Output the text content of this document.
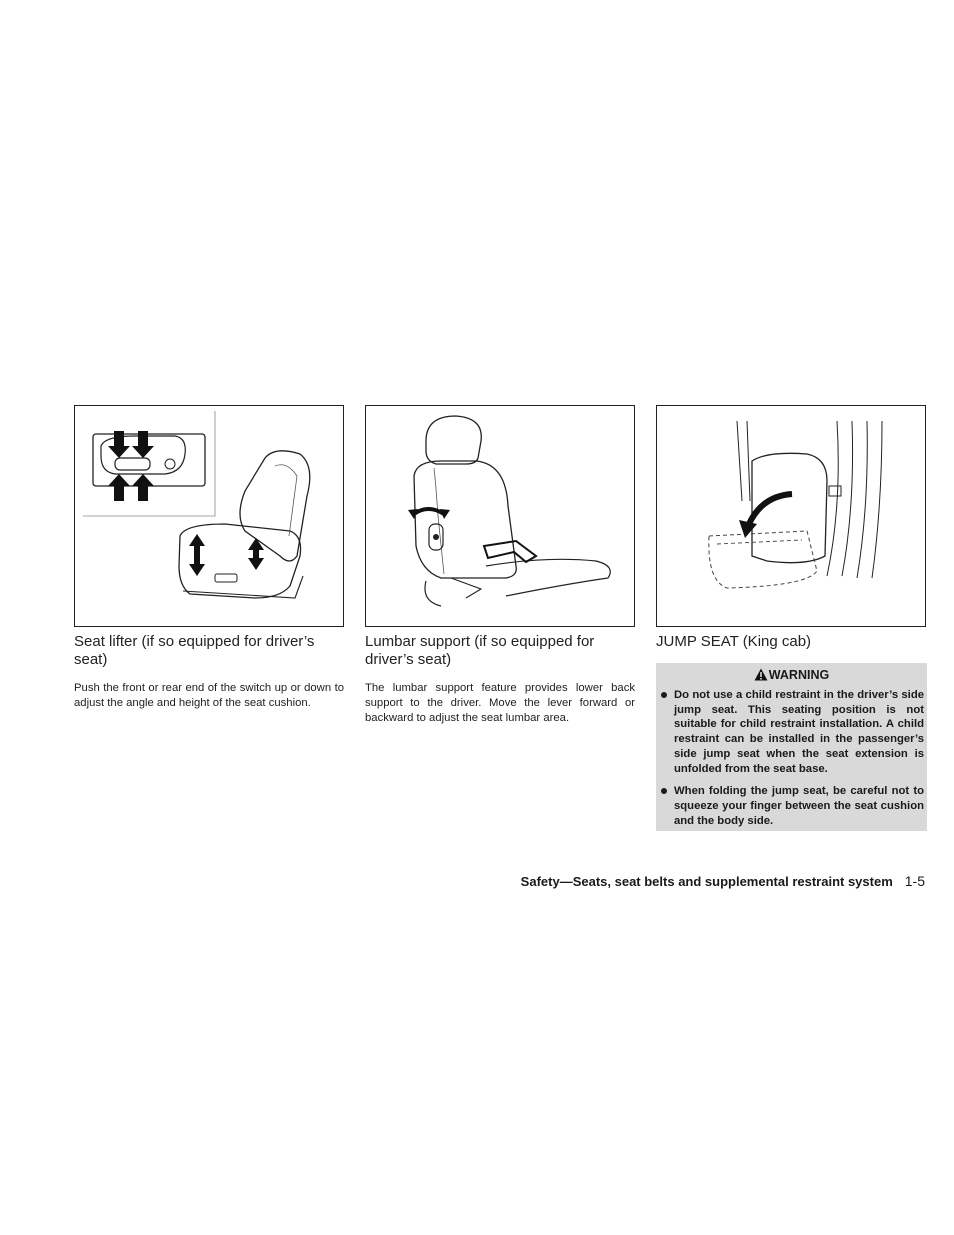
Seat lifter (if so equipped for driver’s seat)

Push the front or rear end of the switch up or down to adjust the angle and height of the seat cushion.

Lumbar support (if so equipped for driver’s seat)

The lumbar support feature provides lower back support to the driver. Move the lever forward or backward to adjust the seat lumbar area.

JUMP SEAT (King cab)
WARNING
Do not use a child restraint in the driver’s side jump seat. This seating position is not suitable for child restraint installation. A child restraint can be installed in the passenger’s side jump seat when the seat extension is unfolded from the seat base.
When folding the jump seat, be careful not to squeeze your finger between the seat cushion and the body side.
Safety—Seats, seat belts and supplemental restraint system 1-5
